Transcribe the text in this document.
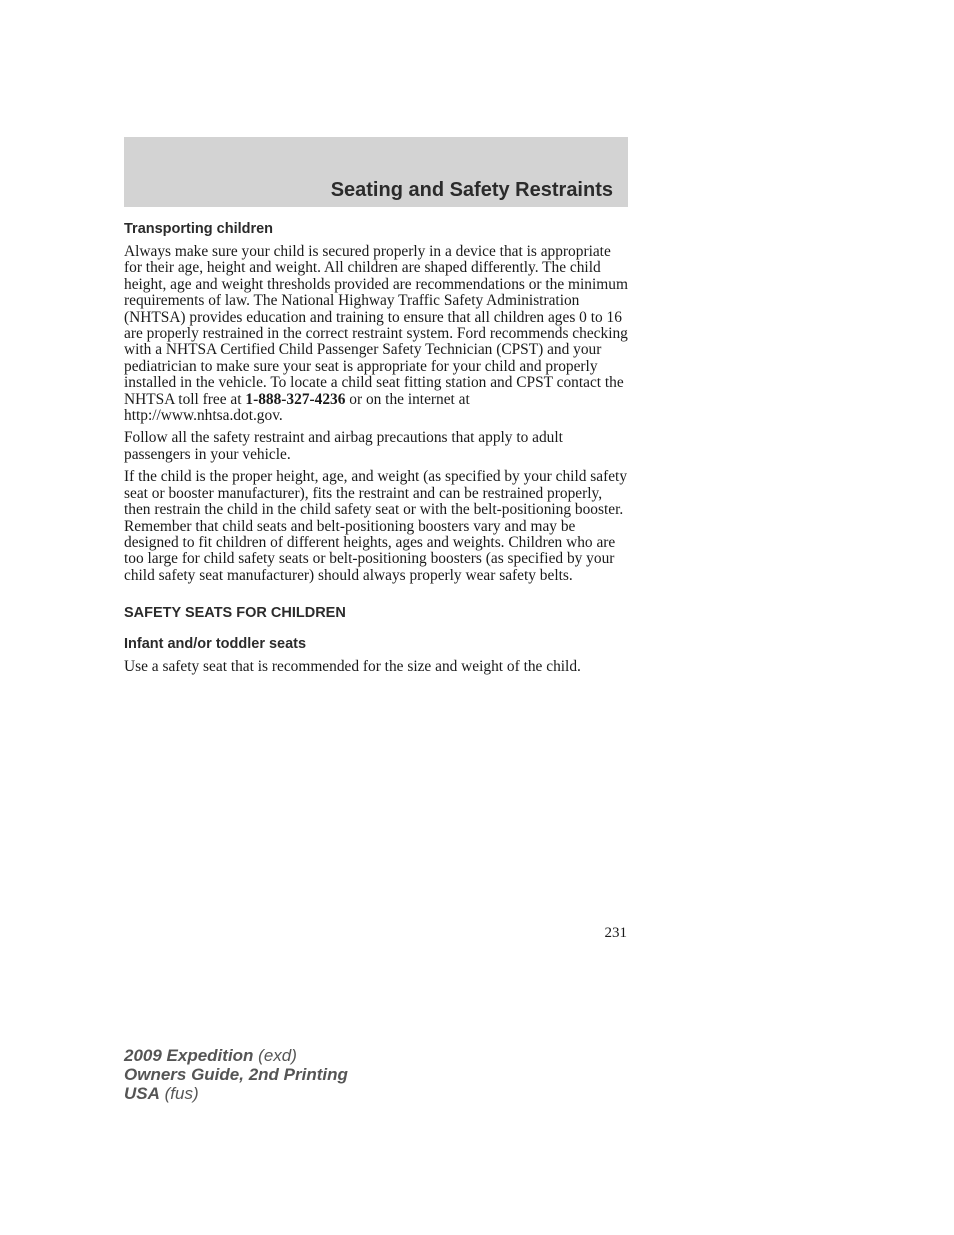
Seating and Safety Restraints
Transporting children

Always make sure your child is secured properly in a device that is appropriate for their age, height and weight. All children are shaped differently. The child height, age and weight thresholds provided are recommendations or the minimum requirements of law. The National Highway Traffic Safety Administration (NHTSA) provides education and training to ensure that all children ages 0 to 16 are properly restrained in the correct restraint system. Ford recommends checking with a NHTSA Certified Child Passenger Safety Technician (CPST) and your pediatrician to make sure your seat is appropriate for your child and properly installed in the vehicle. To locate a child seat fitting station and CPST contact the NHTSA toll free at 1-888-327-4236 or on the internet at http://www.nhtsa.dot.gov.

Follow all the safety restraint and airbag precautions that apply to adult passengers in your vehicle.

If the child is the proper height, age, and weight (as specified by your child safety seat or booster manufacturer), fits the restraint and can be restrained properly, then restrain the child in the child safety seat or with the belt-positioning booster. Remember that child seats and belt-positioning boosters vary and may be designed to fit children of different heights, ages and weights. Children who are too large for child safety seats or belt-positioning boosters (as specified by your child safety seat manufacturer) should always properly wear safety belts.

SAFETY SEATS FOR CHILDREN
Infant and/or toddler seats

Use a safety seat that is recommended for the size and weight of the child.

231
2009 Expedition (exd)
Owners Guide, 2nd Printing
USA (fus)
